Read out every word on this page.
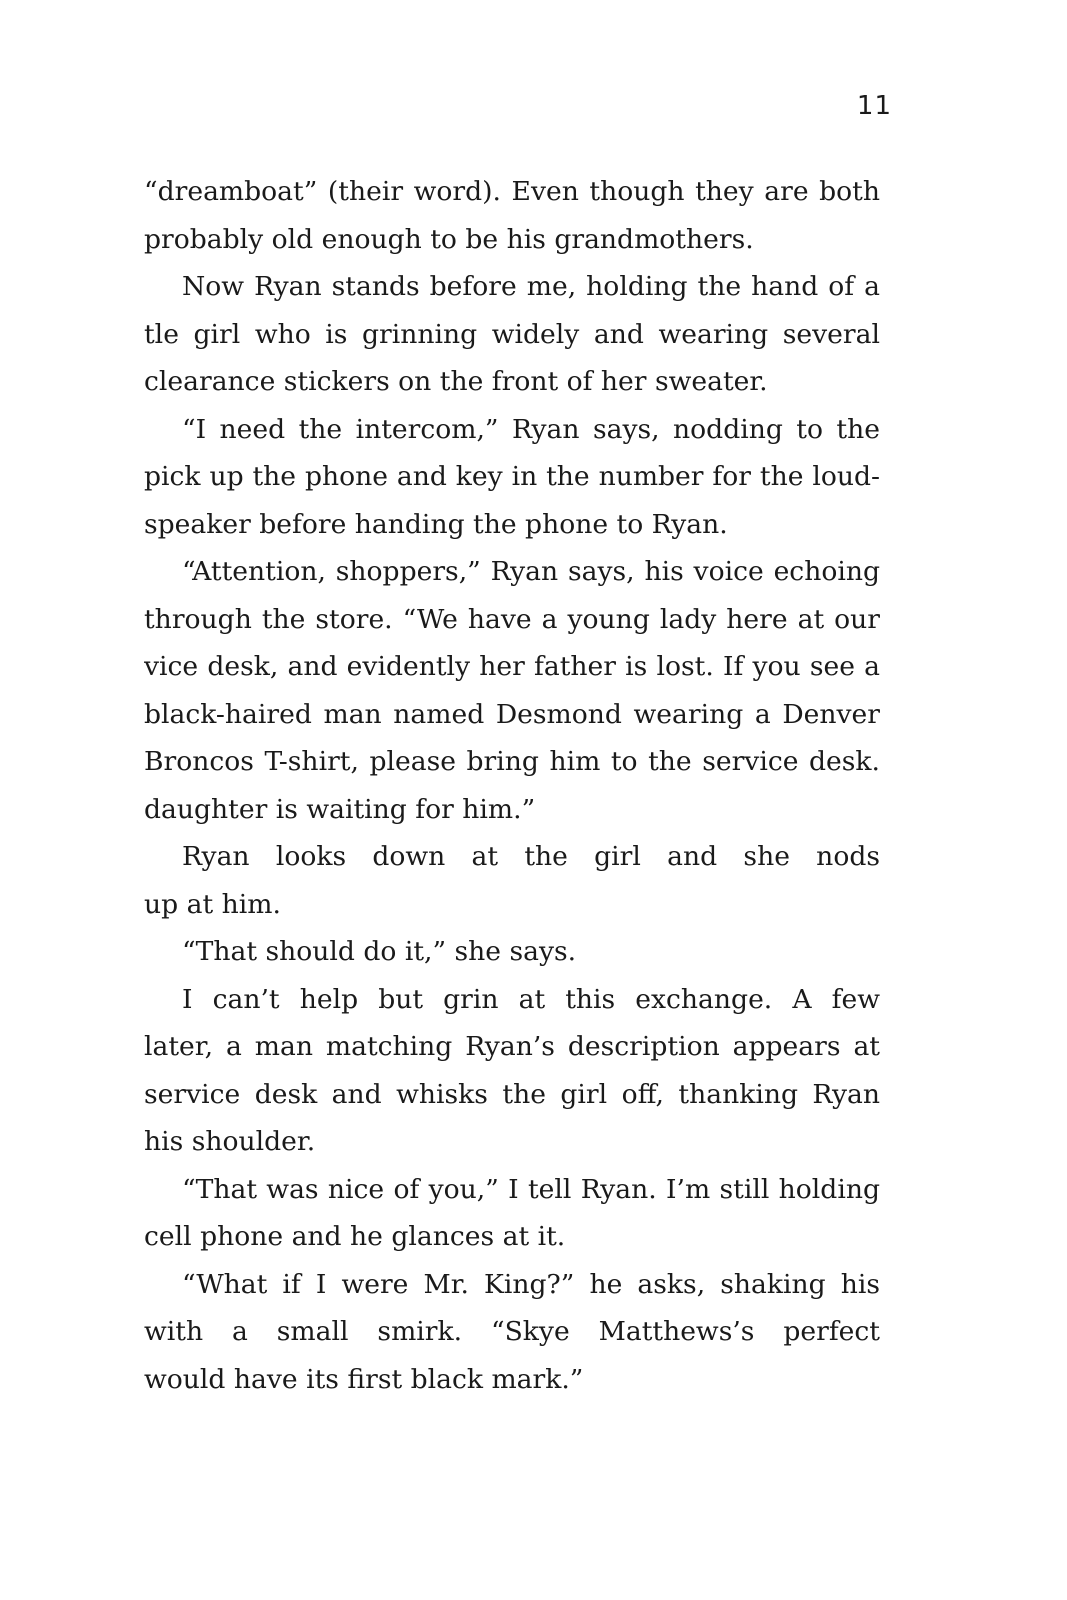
11
“dreamboat” (their word). Even though they are both
probably old enough to be his grandmothers.
Now Ryan stands before me, holding the hand of a
tle girl who is grinning widely and wearing several
clearance stickers on the front of her sweater.
“I need the intercom,” Ryan says, nodding to the
pick up the phone and key in the number for the loud-
speaker before handing the phone to Ryan.
“Attention, shoppers,” Ryan says, his voice echoing
through the store. “We have a young lady here at our
vice desk, and evidently her father is lost. If you see a
black-haired man named Desmond wearing a Denver
Broncos T-shirt, please bring him to the service desk.
daughter is waiting for him.”
Ryan looks down at the girl and she nods
up at him.
“That should do it,” she says.
I can’t help but grin at this exchange. A few
later, a man matching Ryan’s description appears at
service desk and whisks the girl off, thanking Ryan
his shoulder.
“That was nice of you,” I tell Ryan. I’m still holding
cell phone and he glances at it.
“What if I were Mr. King?” he asks, shaking his
with a small smirk. “Skye Matthews’s perfect
would have its first black mark.”
